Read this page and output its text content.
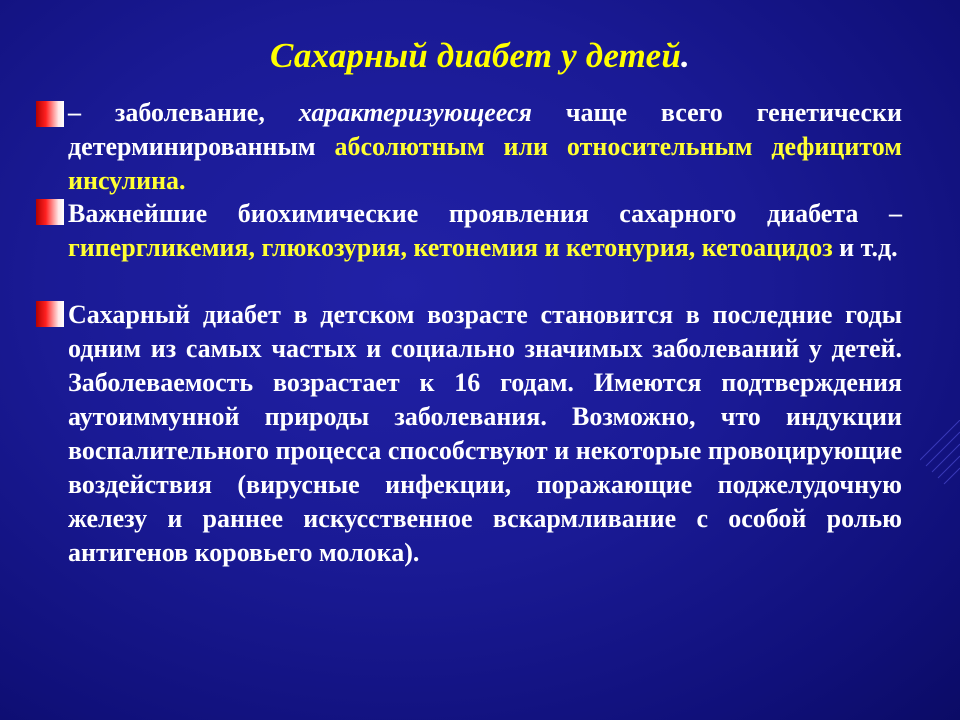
Сахарный диабет у детей.
– заболевание, характеризующееся чаще всего генетически детерминированным абсолютным или относительным дефицитом инсулина.
Важнейшие биохимические проявления сахарного диабета – гипергликемия, глюкозурия, кетонемия и кетонурия, кетоацидоз и т.д.
Сахарный диабет в детском возрасте становится в последние годы одним из самых частых и социально значимых заболеваний у детей. Заболеваемость возрастает к 16 годам. Имеются подтверждения аутоиммунной природы заболевания. Возможно, что индукции воспалительного процесса способствуют и некоторые провоцирующие воздействия (вирусные инфекции, поражающие поджелудочную железу и раннее искусственное вскармливание с особой ролью антигенов коровьего молока).
